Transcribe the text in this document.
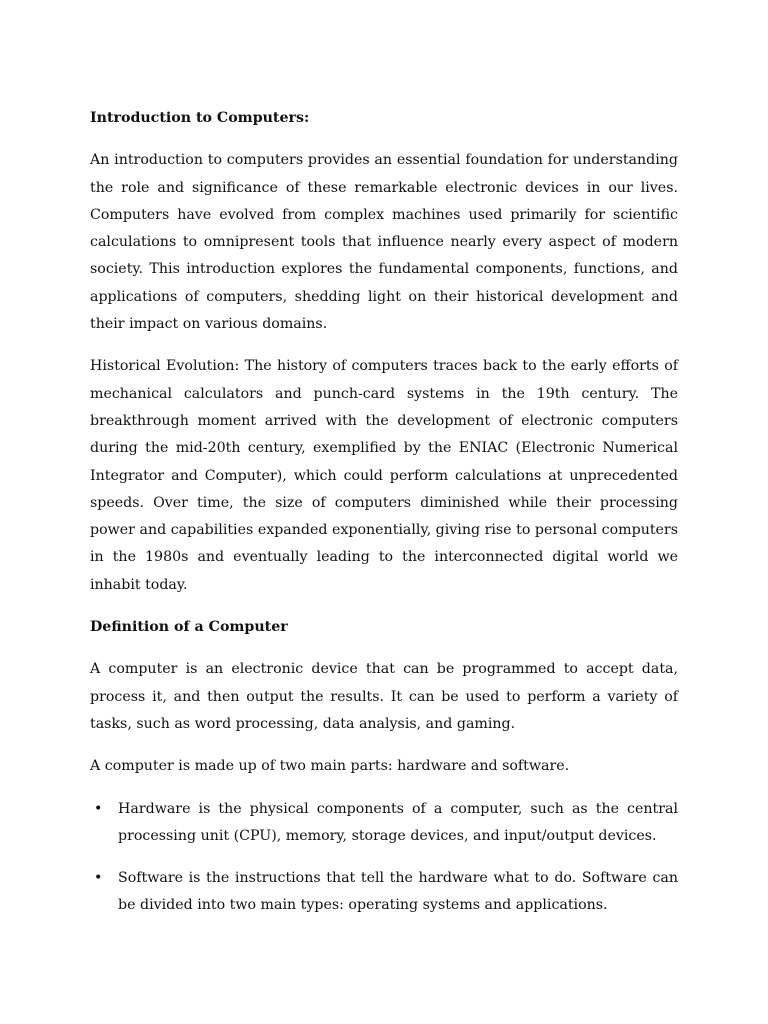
Introduction to Computers:

An introduction to computers provides an essential foundation for understanding the role and significance of these remarkable electronic devices in our lives. Computers have evolved from complex machines used primarily for scientific calculations to omnipresent tools that influence nearly every aspect of modern society. This introduction explores the fundamental components, functions, and applications of computers, shedding light on their historical development and their impact on various domains.

Historical Evolution: The history of computers traces back to the early efforts of mechanical calculators and punch-card systems in the 19th century. The breakthrough moment arrived with the development of electronic computers during the mid-20th century, exemplified by the ENIAC (Electronic Numerical Integrator and Computer), which could perform calculations at unprecedented speeds. Over time, the size of computers diminished while their processing power and capabilities expanded exponentially, giving rise to personal computers in the 1980s and eventually leading to the interconnected digital world we inhabit today.

Definition of a Computer

A computer is an electronic device that can be programmed to accept data, process it, and then output the results. It can be used to perform a variety of tasks, such as word processing, data analysis, and gaming.

A computer is made up of two main parts: hardware and software.

• Hardware is the physical components of a computer, such as the central processing unit (CPU), memory, storage devices, and input/output devices.
• Software is the instructions that tell the hardware what to do. Software can be divided into two main types: operating systems and applications.
